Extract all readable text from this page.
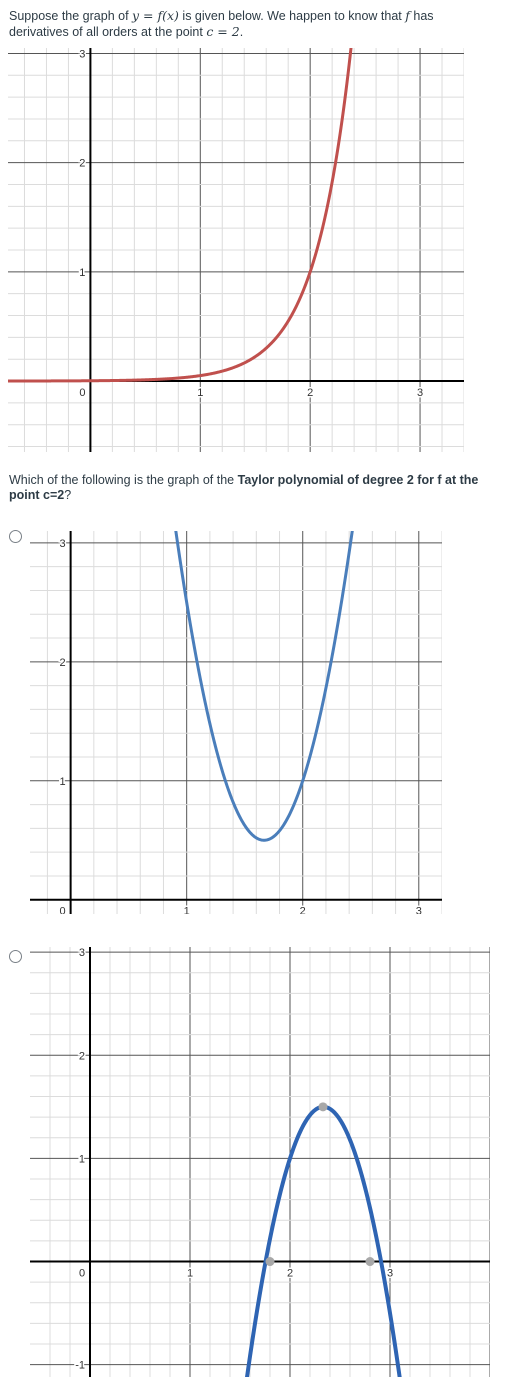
Suppose the graph of y = f(x) is given below. We happen to know that f has derivatives of all orders at the point c = 2.
0	1	2	3
1
2
3
Which of the following is the graph of the Taylor polynomial of degree 2 for f at the point c=2?
0	1	2	3
1
2
3
0	1	2	3
-1
1
2
3
